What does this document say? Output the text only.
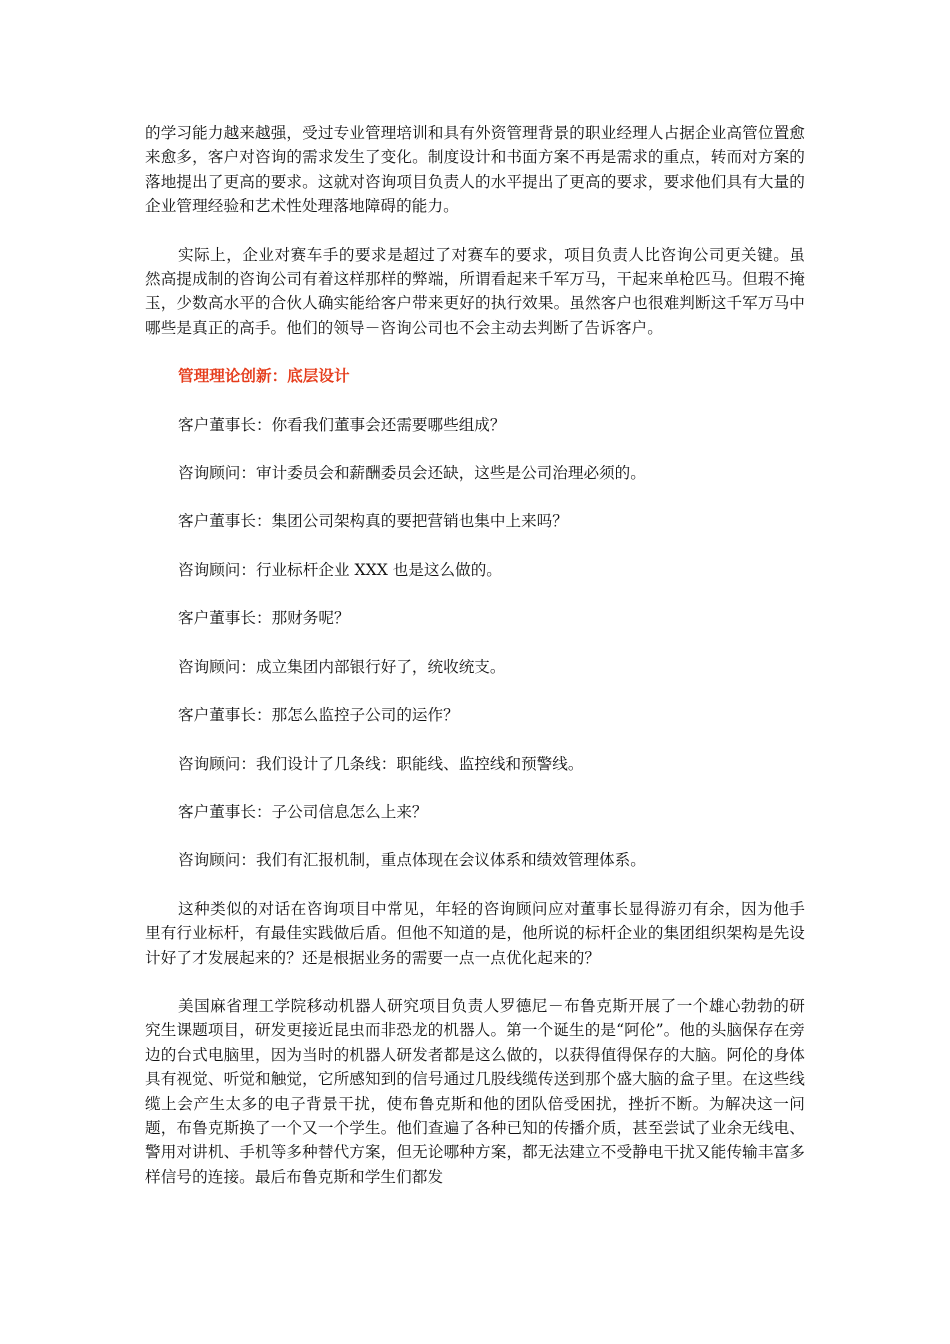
的学习能力越来越强，受过专业管理培训和具有外资管理背景的职业经理人占据企业高管位置愈来愈多，客户对咨询的需求发生了变化。制度设计和书面方案不再是需求的重点，转而对方案的落地提出了更高的要求。这就对咨询项目负责人的水平提出了更高的要求，要求他们具有大量的企业管理经验和艺术性处理落地障碍的能力。

实际上，企业对赛车手的要求是超过了对赛车的要求，项目负责人比咨询公司更关键。虽然高提成制的咨询公司有着这样那样的弊端，所谓看起来千军万马，干起来单枪匹马。但瑕不掩玉，少数高水平的合伙人确实能给客户带来更好的执行效果。虽然客户也很难判断这千军万马中哪些是真正的高手。他们的领导－咨询公司也不会主动去判断了告诉客户。

管理理论创新：底层设计

客户董事长：你看我们董事会还需要哪些组成？

咨询顾问：审计委员会和薪酬委员会还缺，这些是公司治理必须的。

客户董事长：集团公司架构真的要把营销也集中上来吗？

咨询顾问：行业标杆企业 XXX 也是这么做的。

客户董事长：那财务呢？

咨询顾问：成立集团内部银行好了，统收统支。

客户董事长：那怎么监控子公司的运作？

咨询顾问：我们设计了几条线：职能线、监控线和预警线。

客户董事长：子公司信息怎么上来？

咨询顾问：我们有汇报机制，重点体现在会议体系和绩效管理体系。

这种类似的对话在咨询项目中常见，年轻的咨询顾问应对董事长显得游刃有余，因为他手里有行业标杆，有最佳实践做后盾。但他不知道的是，他所说的标杆企业的集团组织架构是先设计好了才发展起来的？还是根据业务的需要一点一点优化起来的？

美国麻省理工学院移动机器人研究项目负责人罗德尼－布鲁克斯开展了一个雄心勃勃的研究生课题项目，研发更接近昆虫而非恐龙的机器人。第一个诞生的是“阿伦”。他的头脑保存在旁边的台式电脑里，因为当时的机器人研发者都是这么做的，以获得值得保存的大脑。阿伦的身体具有视觉、听觉和触觉，它所感知到的信号通过几股线缆传送到那个盛大脑的盒子里。在这些线缆上会产生太多的电子背景干扰，使布鲁克斯和他的团队倍受困扰，挫折不断。为解决这一问题，布鲁克斯换了一个又一个学生。他们查遍了各种已知的传播介质，甚至尝试了业余无线电、警用对讲机、手机等多种替代方案，但无论哪种方案，都无法建立不受静电干扰又能传输丰富多样信号的连接。最后布鲁克斯和学生们都发
